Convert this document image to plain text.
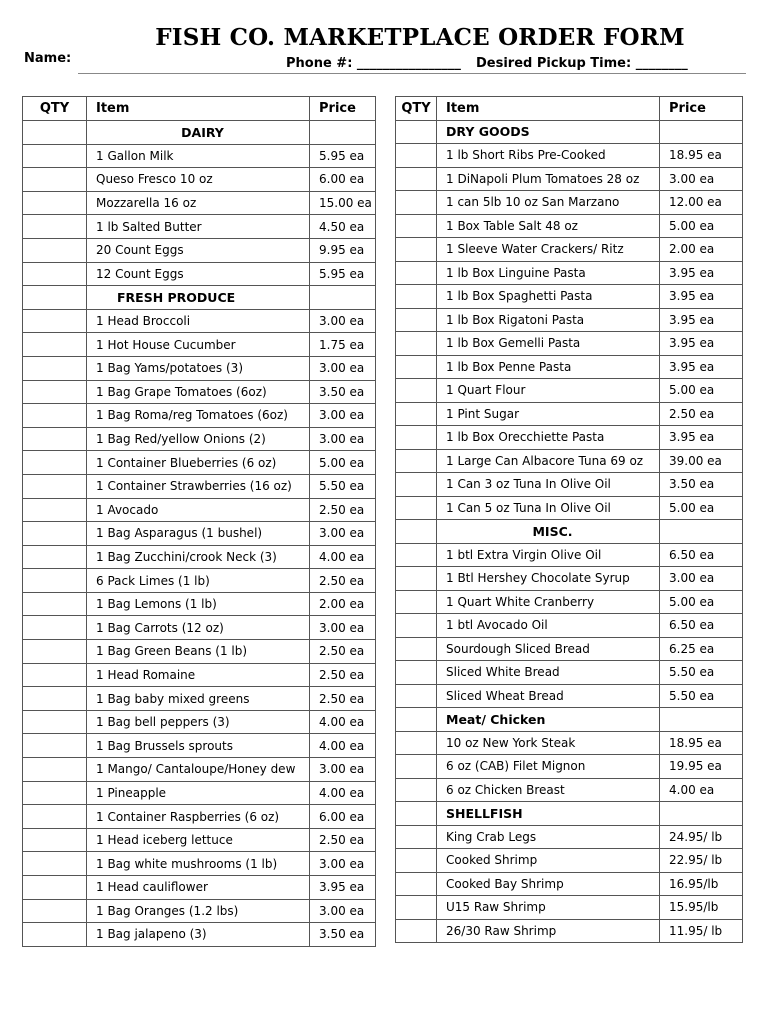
FISH CO. MARKETPLACE ORDER FORM
Name:	Phone #: ________________ Desired Pickup Time: ________
QTY	Item	Price
	DAIRY	
	1 Gallon Milk	5.95 ea
	Queso Fresco 10 oz	6.00 ea
	Mozzarella 16 oz	15.00 ea
	1 lb Salted Butter	4.50 ea
	20 Count Eggs	9.95 ea
	12 Count Eggs	5.95 ea
	FRESH PRODUCE	
	1 Head Broccoli	3.00 ea
	1 Hot House Cucumber	1.75 ea
	1 Bag Yams/potatoes (3)	3.00 ea
	1 Bag Grape Tomatoes (6oz)	3.50 ea
	1 Bag Roma/reg Tomatoes (6oz)	3.00 ea
	1 Bag Red/yellow Onions (2)	3.00 ea
	1 Container Blueberries (6 oz)	5.00 ea
	1 Container Strawberries (16 oz)	5.50 ea
	1 Avocado	2.50 ea
	1 Bag Asparagus (1 bushel)	3.00 ea
	1 Bag Zucchini/crook Neck (3)	4.00 ea
	6 Pack Limes (1 lb)	2.50 ea
	1 Bag Lemons (1 lb)	2.00 ea
	1 Bag Carrots (12 oz)	3.00 ea
	1 Bag Green Beans (1 lb)	2.50 ea
	1 Head Romaine	2.50 ea
	1 Bag baby mixed greens	2.50 ea
	1 Bag bell peppers (3)	4.00 ea
	1 Bag Brussels sprouts	4.00 ea
	1 Mango/ Cantaloupe/Honey dew	3.00 ea
	1 Pineapple	4.00 ea
	1 Container Raspberries (6 oz)	6.00 ea
	1 Head iceberg lettuce	2.50 ea
	1 Bag white mushrooms (1 lb)	3.00 ea
	1 Head cauliflower	3.95 ea
	1 Bag Oranges (1.2 lbs)	3.00 ea
	1 Bag jalapeno (3)	3.50 ea
QTY	Item	Price
	DRY GOODS	
	1 lb Short Ribs Pre-Cooked	18.95 ea
	1 DiNapoli Plum Tomatoes 28 oz	3.00 ea
	1 can 5lb 10 oz San Marzano	12.00 ea
	1 Box Table Salt 48 oz	5.00 ea
	1 Sleeve Water Crackers/ Ritz	2.00 ea
	1 lb Box Linguine Pasta	3.95 ea
	1 lb Box Spaghetti Pasta	3.95 ea
	1 lb Box Rigatoni Pasta	3.95 ea
	1 lb Box Gemelli Pasta	3.95 ea
	1 lb Box Penne Pasta	3.95 ea
	1 Quart Flour	5.00 ea
	1 Pint Sugar	2.50 ea
	1 lb Box Orecchiette Pasta	3.95 ea
	1 Large Can Albacore Tuna 69 oz	39.00 ea
	1 Can 3 oz Tuna In Olive Oil	3.50 ea
	1 Can 5 oz Tuna In Olive Oil	5.00 ea
	MISC.	
	1 btl Extra Virgin Olive Oil	6.50 ea
	1 Btl Hershey Chocolate Syrup	3.00 ea
	1 Quart White Cranberry	5.00 ea
	1 btl Avocado Oil	6.50 ea
	Sourdough Sliced Bread	6.25 ea
	Sliced White Bread	5.50 ea
	Sliced Wheat Bread	5.50 ea
	Meat/ Chicken	
	10 oz New York Steak	18.95 ea
	6 oz (CAB) Filet Mignon	19.95 ea
	6 oz Chicken Breast	4.00 ea
	SHELLFISH	
	King Crab Legs	24.95/ lb
	Cooked Shrimp	22.95/ lb
	Cooked Bay Shrimp	16.95/lb
	U15 Raw Shrimp	15.95/lb
	26/30 Raw Shrimp	11.95/ lb
